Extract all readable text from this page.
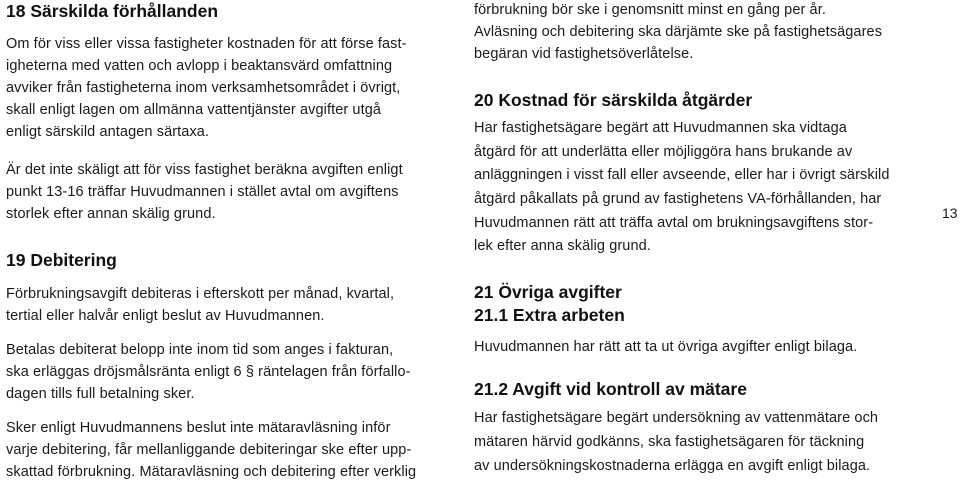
18 Särskilda förhållanden
Om för viss eller vissa fastigheter kostnaden för att förse fast-
igheterna med vatten och avlopp i beaktansvärd omfattning
avviker från fastigheterna inom verksamhetsområdet i övrigt,
skall enligt lagen om allmänna vattentjänster avgifter utgå
enligt särskild antagen särtaxa.
Är det inte skäligt att för viss fastighet beräkna avgiften enligt
punkt 13-16 träffar Huvudmannen i stället avtal om avgiftens
storlek efter annan skälig grund.
19 Debitering
Förbrukningsavgift debiteras i efterskott per månad, kvartal,
tertial eller halvår enligt beslut av Huvudmannen.
Betalas debiterat belopp inte inom tid som anges i fakturan,
ska erläggas dröjsmålsränta enligt 6 § räntelagen från förfallo-
dagen tills full betalning sker.
Sker enligt Huvudmannens beslut inte mätaravläsning inför
varje debitering, får mellanliggande debiteringar ske efter upp-
skattad förbrukning. Mätaravläsning och debitering efter verklig
förbrukning bör ske i genomsnitt minst en gång per år.
Avläsning och debitering ska därjämte ske på fastighetsägares
begäran vid fastighetsöverlåtelse.
20 Kostnad för särskilda åtgärder
Har fastighetsägare begärt att Huvudmannen ska vidtaga
åtgärd för att underlätta eller möjliggöra hans brukande av
anläggningen i visst fall eller avseende, eller har i övrigt särskild
åtgärd påkallats på grund av fastighetens VA-förhållanden, har
Huvudmannen rätt att träffa avtal om brukningsavgiftens stor-
lek efter anna skälig grund.
21 Övriga avgifter
21.1 Extra arbeten
Huvudmannen har rätt att ta ut övriga avgifter enligt bilaga.
21.2 Avgift vid kontroll av mätare
Har fastighetsägare begärt undersökning av vattenmätare och
mätaren härvid godkänns, ska fastighetsägaren för täckning
av undersökningskostnaderna erlägga en avgift enligt bilaga.
13
